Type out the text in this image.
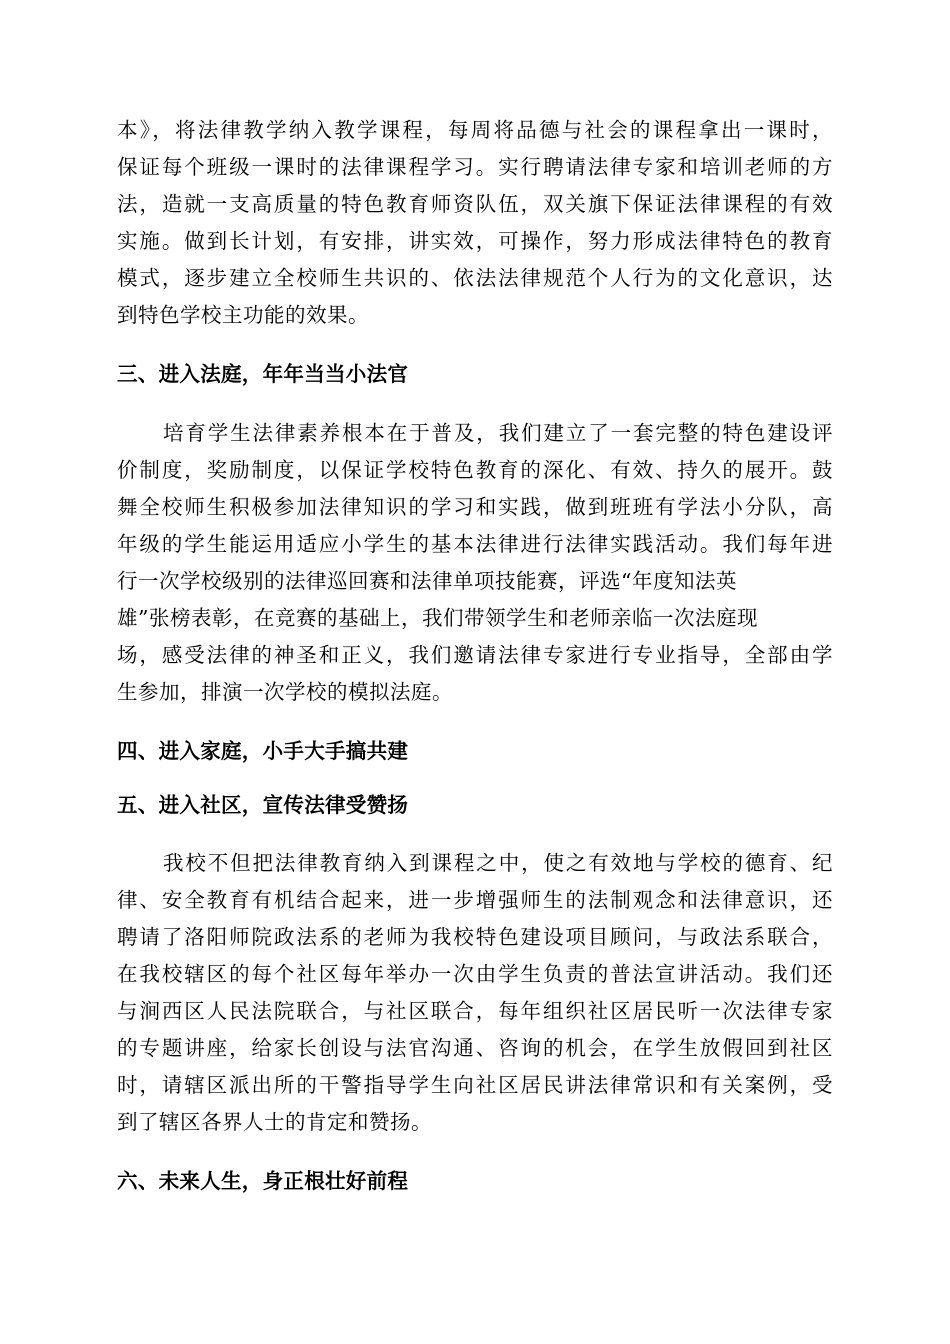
本》，将法律教学纳入教学课程，每周将品德与社会的课程拿出一课时，
保证每个班级一课时的法律课程学习。实行聘请法律专家和培训老师的方
法，造就一支高质量的特色教育师资队伍，双关旗下保证法律课程的有效
实施。做到长计划，有安排，讲实效，可操作，努力形成法律特色的教育
模式，逐步建立全校师生共识的、依法法律规范个人行为的文化意识，达
到特色学校主功能的效果。
三、进入法庭，年年当当小法官
培育学生法律素养根本在于普及，我们建立了一套完整的特色建设评
价制度，奖励制度，以保证学校特色教育的深化、有效、持久的展开。鼓
舞全校师生积极参加法律知识的学习和实践，做到班班有学法小分队，高
年级的学生能运用适应小学生的基本法律进行法律实践活动。我们每年进
行一次学校级别的法律巡回赛和法律单项技能赛，评选“年度知法英
雄”张榜表彰，在竞赛的基础上，我们带领学生和老师亲临一次法庭现
场，感受法律的神圣和正义，我们邀请法律专家进行专业指导，全部由学
生参加，排演一次学校的模拟法庭。
四、进入家庭，小手大手搞共建
五、进入社区，宣传法律受赞扬
我校不但把法律教育纳入到课程之中，使之有效地与学校的德育、纪
律、安全教育有机结合起来，进一步增强师生的法制观念和法律意识，还
聘请了洛阳师院政法系的老师为我校特色建设项目顾问，与政法系联合，
在我校辖区的每个社区每年举办一次由学生负责的普法宣讲活动。我们还
与涧西区人民法院联合，与社区联合，每年组织社区居民听一次法律专家
的专题讲座，给家长创设与法官沟通、咨询的机会，在学生放假回到社区
时，请辖区派出所的干警指导学生向社区居民讲法律常识和有关案例，受
到了辖区各界人士的肯定和赞扬。
六、未来人生，身正根壮好前程
